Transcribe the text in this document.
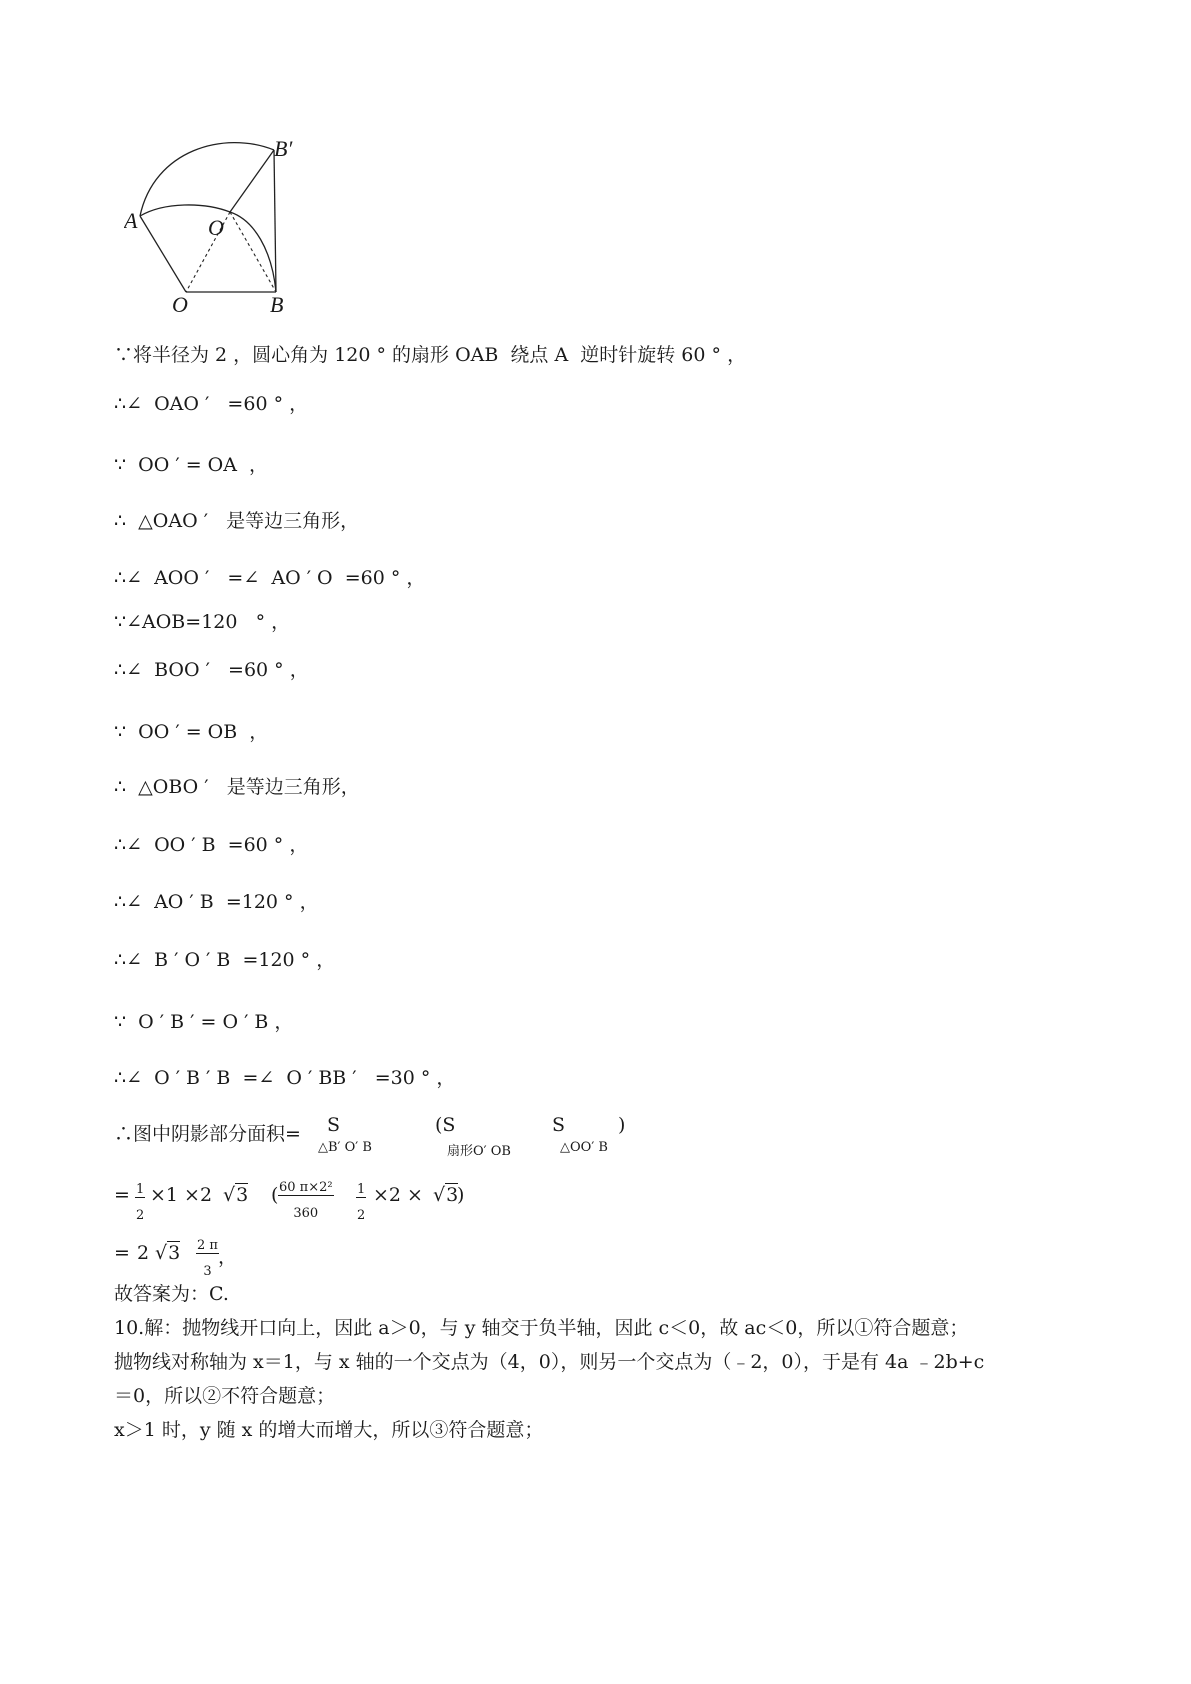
A	O
O	B
B′
∵将半径为 2 ，圆心角为 120 ° 的扇形 OAB  绕点 A  逆时针旋转 60 ° ，
∴∠  OAO ′   =60 ° ，
∵  OO ′ = OA  ，
∴  △OAO ′   是等边三角形，
∴∠  AOO ′   =∠  AO ′ O  =60 ° ，
∵∠AOB=120   ° ，
∴∠  BOO ′   =60 ° ，
∵  OO ′ = OB  ，
∴  △OBO ′   是等边三角形，
∴∠  OO ′ B  =60 ° ，
∴∠  AO ′ B  =120 ° ，
∴∠  B ′ O ′ B  =120 ° ，
∵  O ′ B ′ = O ′ B ，
∴∠  O ′ B ′ B  =∠  O ′ BB ′   =30 ° ，
∴图中阴影部分面积= S
△B′ O′ B
(S
扇形O′ OB
S
△OO′ B
)
= $\frac{1}{2} \times 1 \times 2$ √3 ( $\frac{\text{60 π×2²}}{360} \frac{1}{2} \times 2 \times √3$
)
= 2 $√3 \frac{2 \pi}{3}$ ，
故答案为：C.
10.解：抛物线开口向上，因此 a＞0，与 y 轴交于负半轴，因此 c＜0，故 ac＜0，所以①符合题意；
抛物线对称轴为 x＝1，与 x 轴的一个交点为（4，0），则另一个交点为（﹣2，0），于是有 4a ﹣2b+c
＝0，所以②不符合题意；
x＞1 时，y 随 x 的增大而增大，所以③符合题意；
